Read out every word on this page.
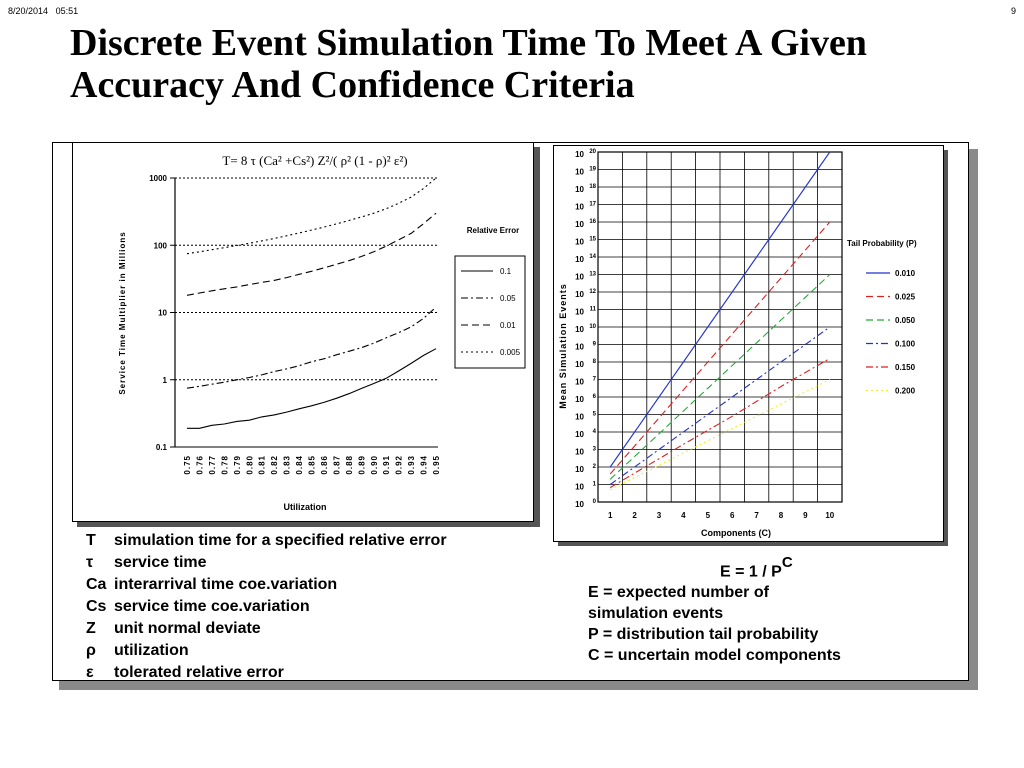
8/20/2014 05:51	9
Discrete Event Simulation Time To Meet A Given Accuracy And Confidence Criteria
T= 8 τ (Ca² +Cs²) Z²/( ρ² (1 - ρ)² ε²)
0.1
1
10
100
1000
0.75 0.76 0.77 0.78 0.79 0.80 0.81 0.82 0.83 0.84 0.85 0.86 0.87 0.88 0.89 0.90 0.91 0.92 0.93 0.94 0.95
Utilization
Service Time Multiplier in Millions
Relative Error
0.1
0.05
0.01
0.005
10 0
10 1
10 2
10 3
10 4
10 5
10 6
10 7
10 8
10 9
10 10
10 11
10 12
10 13
10 14
10 15
10 16
10 17
10 18
10 19
10 20
1 2 3 4 5 6 7 8 9 10
Components (C)
Mean Simulation Events
Tail Probability (P)
0.010
0.025
0.050
0.100
0.150
0.200
T simulation time for a specified relative error
τ service time
Ca interarrival time coe.variation
Cs service time coe.variation
Z unit normal deviate
ρ utilization
ε tolerated relative error
$E = 1 / P^C$
E = expected number of
simulation events
P = distribution tail probability
C = uncertain model components
